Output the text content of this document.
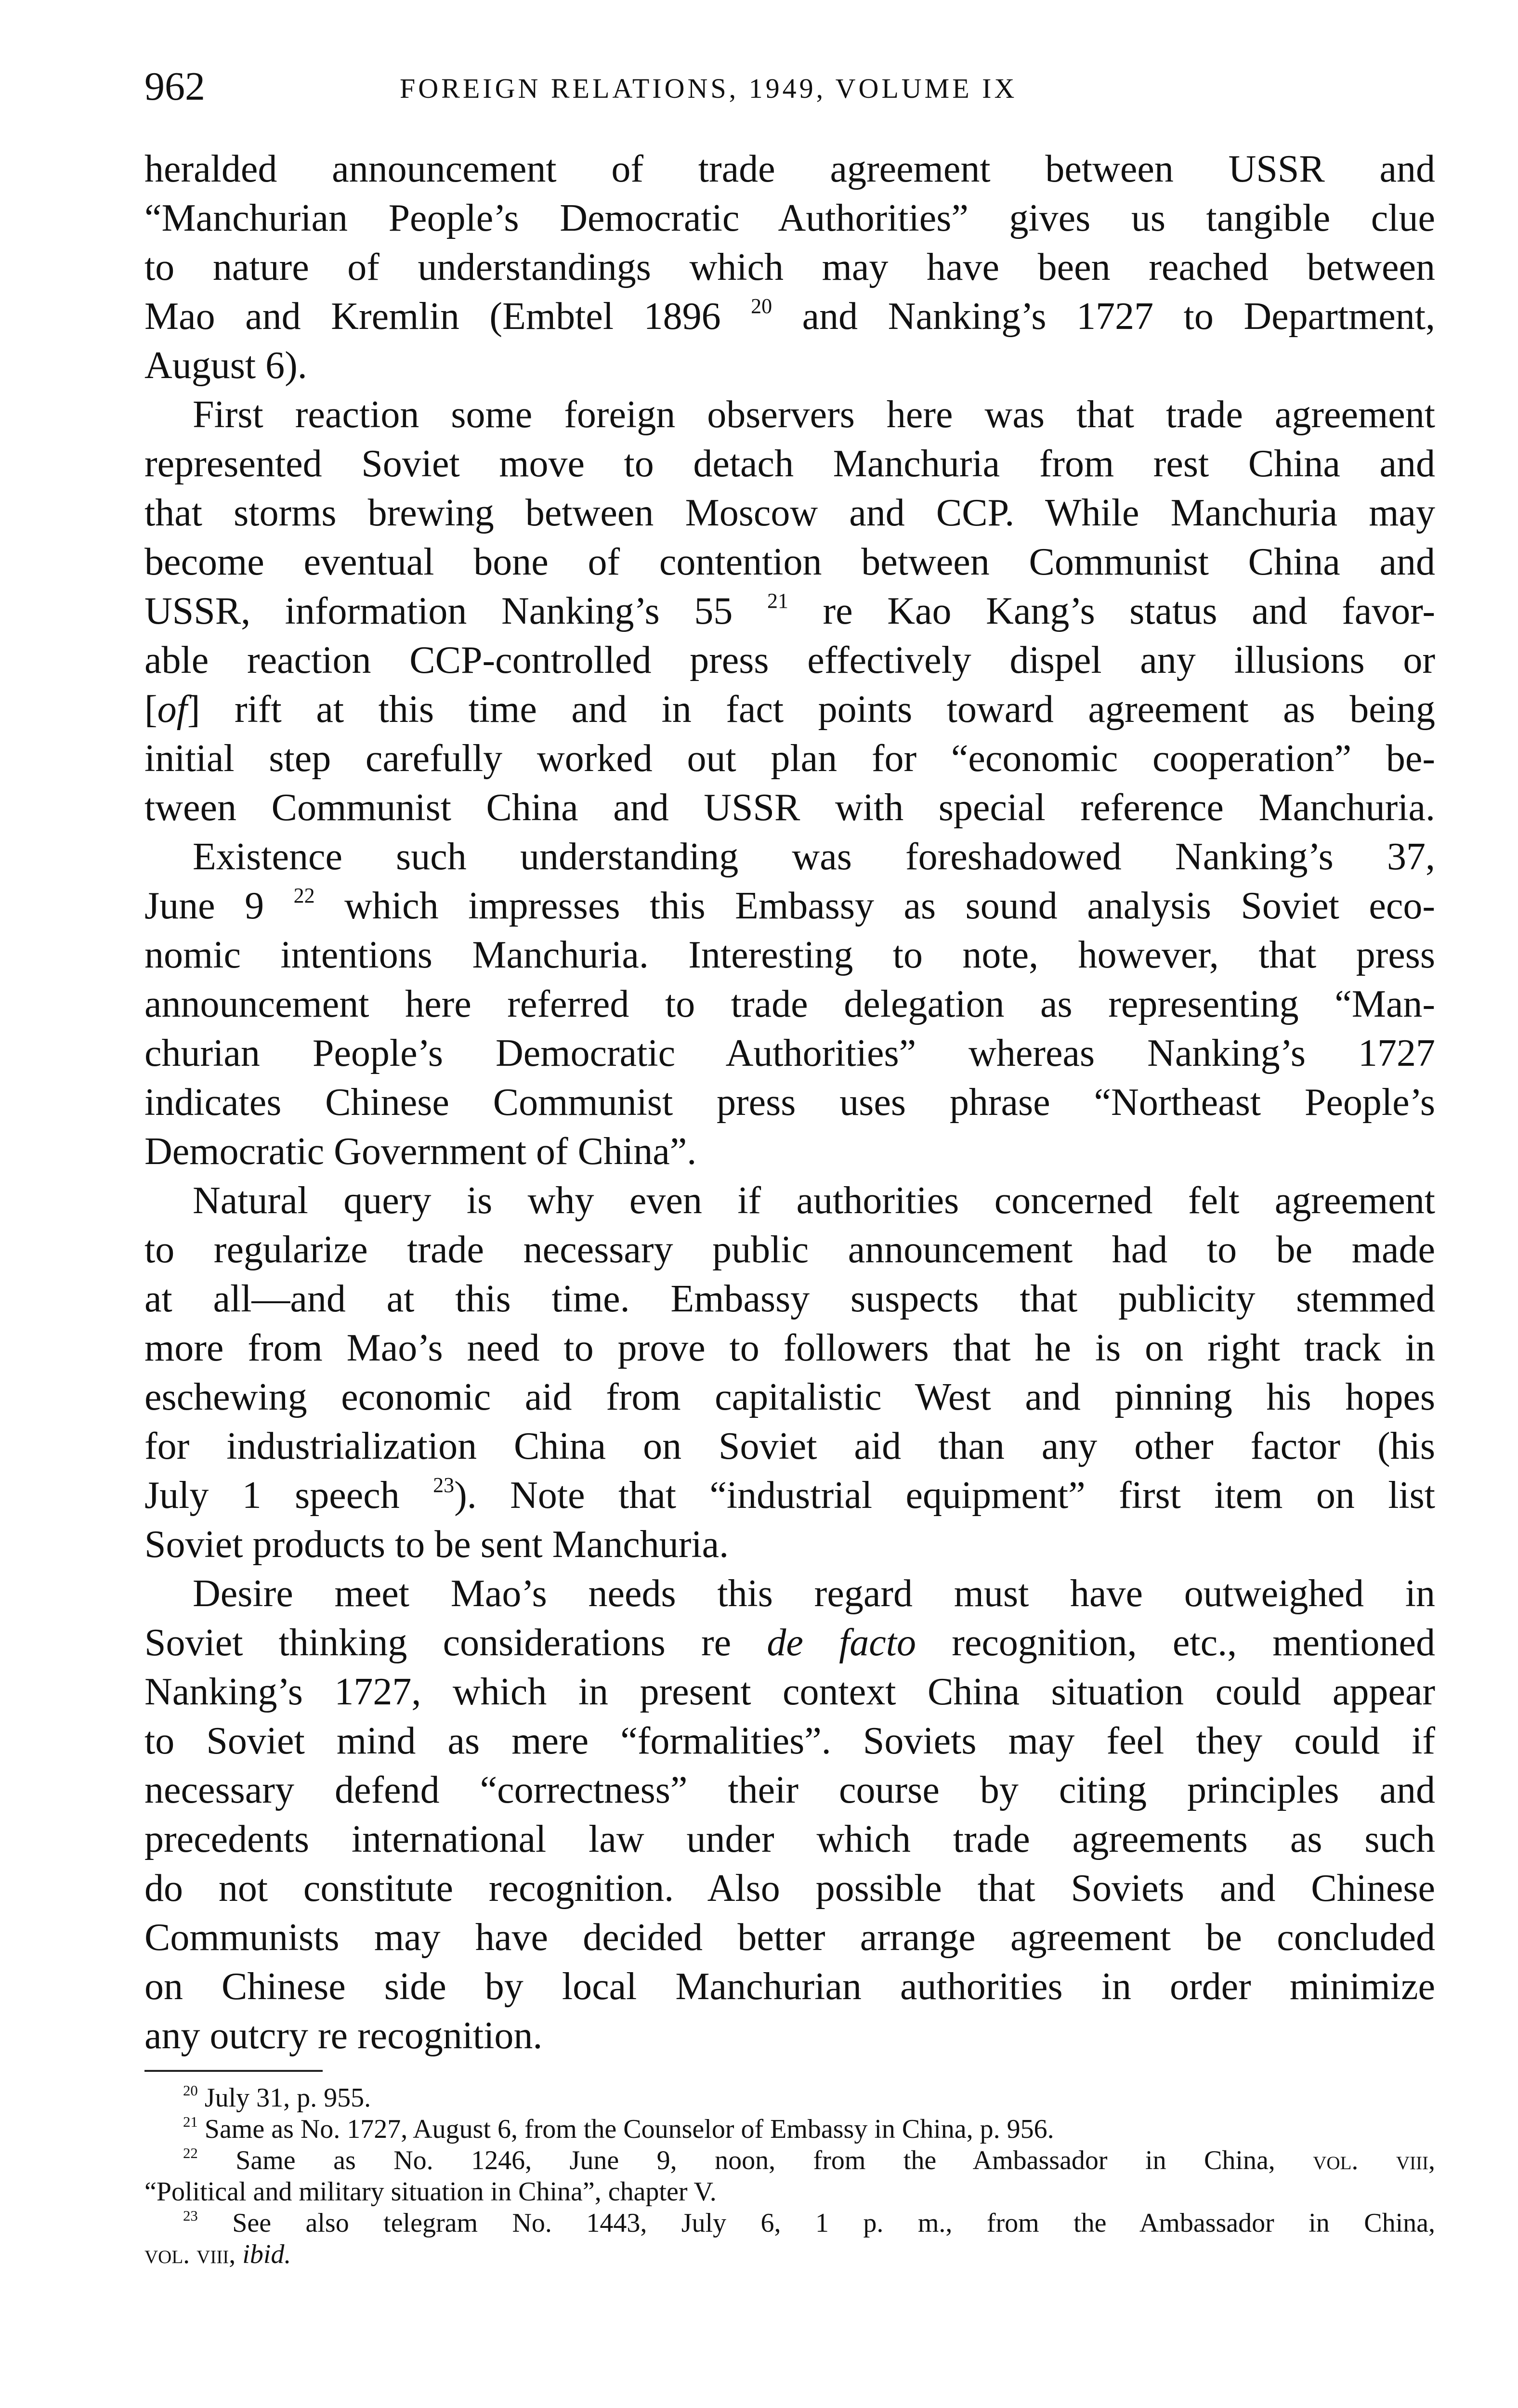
962	FOREIGN RELATIONS, 1949, VOLUME IX
heralded announcement of trade agreement between USSR and
“Manchurian People’s Democratic Authorities” gives us tangible clue
to nature of understandings which may have been reached between
Mao and Kremlin (Embtel 1896 $^{20}$ and Nanking’s 1727 to Department,
August 6).
First reaction some foreign observers here was that trade agreement
represented Soviet move to detach Manchuria from rest China and
that storms brewing between Moscow and CCP. While Manchuria may
become eventual bone of contention between Communist China and
USSR, information Nanking’s 55 $^{21}$ re Kao Kang’s status and favor-
able reaction CCP-controlled press effectively dispel any illusions or
[of] rift at this time and in fact points toward agreement as being
initial step carefully worked out plan for “economic cooperation” be-
tween Communist China and USSR with special reference Manchuria.
Existence such understanding was foreshadowed Nanking’s 37,
June 9 $^{22}$ which impresses this Embassy as sound analysis Soviet eco-
nomic intentions Manchuria. Interesting to note, however, that press
announcement here referred to trade delegation as representing “Man-
churian People’s Democratic Authorities” whereas Nanking’s 1727
indicates Chinese Communist press uses phrase “Northeast People’s
Democratic Government of China”.
Natural query is why even if authorities concerned felt agreement
to regularize trade necessary public announcement had to be made
at all—and at this time. Embassy suspects that publicity stemmed
more from Mao’s need to prove to followers that he is on right track in
eschewing economic aid from capitalistic West and pinning his hopes
for industrialization China on Soviet aid than any other factor (his
July 1 speech $^{23}$). Note that “industrial equipment” first item on list
Soviet products to be sent Manchuria.
Desire meet Mao’s needs this regard must have outweighed in
Soviet thinking considerations re de facto recognition, etc., mentioned
Nanking’s 1727, which in present context China situation could appear
to Soviet mind as mere “formalities”. Soviets may feel they could if
necessary defend “correctness” their course by citing principles and
precedents international law under which trade agreements as such
do not constitute recognition. Also possible that Soviets and Chinese
Communists may have decided better arrange agreement be concluded
on Chinese side by local Manchurian authorities in order minimize
any outcry re recognition.
$^{20}$ July 31, p. 955.
$^{21}$ Same as No. 1727, August 6, from the Counselor of Embassy in China, p. 956.
$^{22}$ Same as No. 1246, June 9, noon, from the Ambassador in China, vol. viii,
“Political and military situation in China”, chapter V.
$^{23}$ See also telegram No. 1443, July 6, 1 p. m., from the Ambassador in China,
vol. viii, ibid.
